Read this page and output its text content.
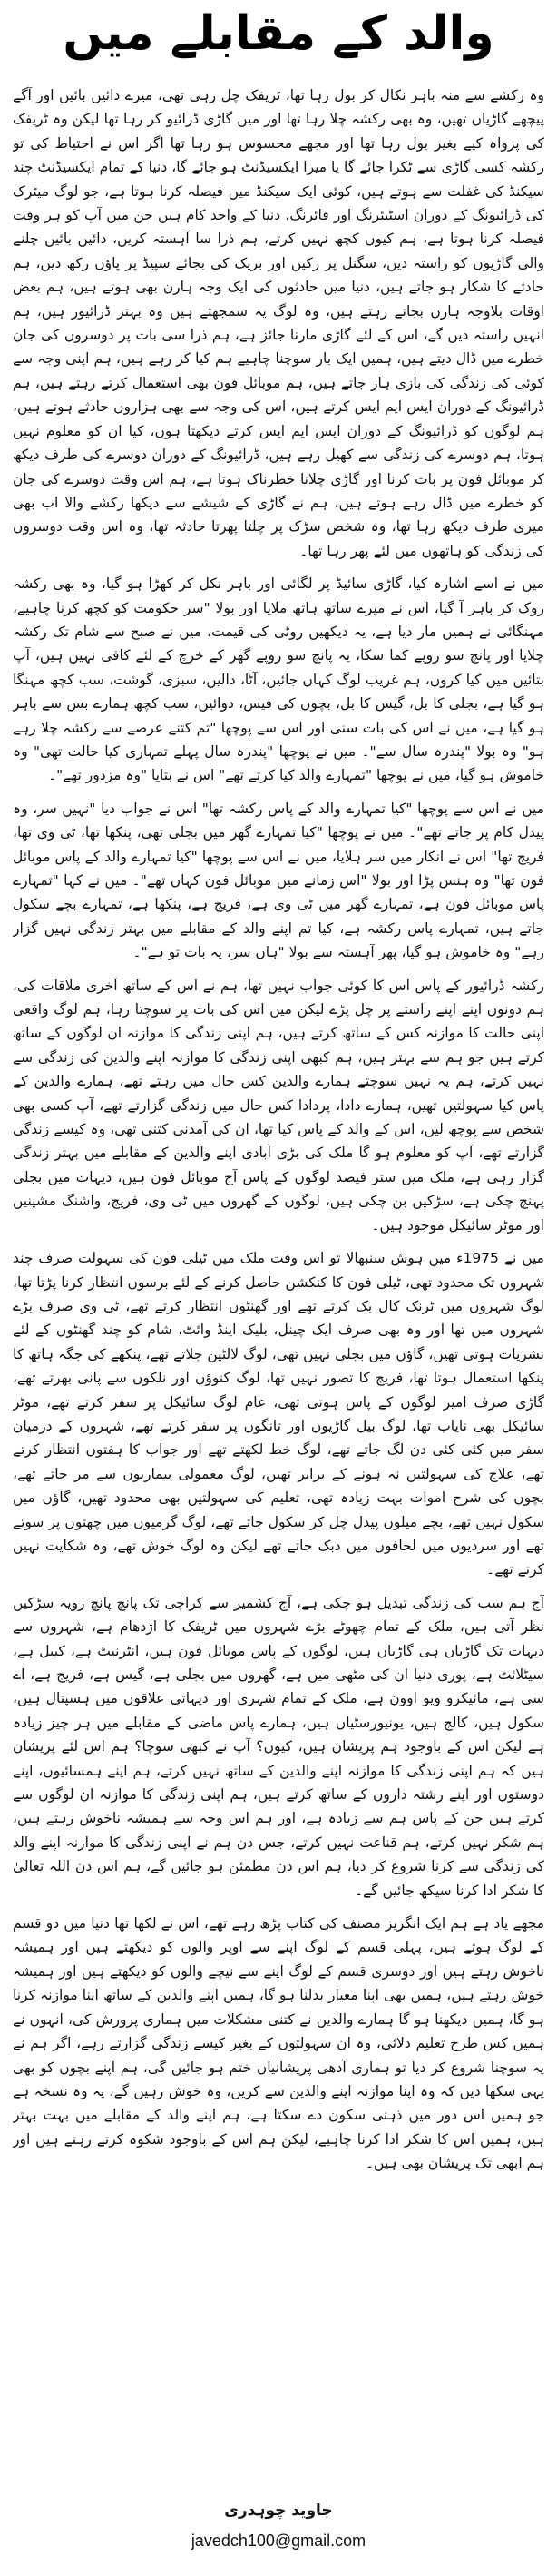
والد کے مقابلے میں

وہ رکشے سے منہ باہر نکال کر بول رہا تھا، ٹریفک چل رہی تھی، میرے دائیں بائیں اور آگے پیچھے گاڑیاں تھیں، وہ بھی رکشہ چلا رہا تھا اور میں گاڑی ڈرائیو کر رہا تھا لیکن وہ ٹریفک کی پرواہ کیے بغیر بول رہا تھا اور مجھے محسوس ہو رہا تھا اگر اس نے احتیاط کی تو رکشہ کسی گاڑی سے ٹکرا جائے گا یا میرا ایکسیڈنٹ ہو جائے گا، دنیا کے تمام ایکسیڈنٹ چند سیکنڈ کی غفلت سے ہوتے ہیں، کوئی ایک سیکنڈ میں فیصلہ کرنا ہوتا ہے، جو لوگ میٹرک کی ڈرائیونگ کے دوران اسٹیئرنگ اور فائرنگ، دنیا کے واحد کام ہیں جن میں آپ کو ہر وقت فیصلہ کرنا ہوتا ہے، ہم کیوں کچھ نہیں کرتے، ہم ذرا سا آہستہ کریں، دائیں بائیں چلنے والی گاڑیوں کو راستہ دیں، سگنل پر رکیں اور بریک کی بجائے سپیڈ پر پاؤں رکھ دیں، ہم حادثے کا شکار ہو جاتے ہیں، دنیا میں حادثوں کی ایک وجہ ہارن بھی ہوتے ہیں، ہم بعض اوقات بلاوجہ ہارن بجاتے رہتے ہیں، وہ لوگ یہ سمجھتے ہیں وہ بہتر ڈرائیور ہیں، ہم انہیں راستہ دیں گے، اس کے لئے گاڑی مارنا جائز ہے، ہم ذرا سی بات پر دوسروں کی جان خطرے میں ڈال دیتے ہیں، ہمیں ایک بار سوچنا چاہیے ہم کیا کر رہے ہیں، ہم اپنی وجہ سے کوئی کی زندگی کی بازی ہار جاتے ہیں، ہم موبائل فون بھی استعمال کرتے رہتے ہیں، ہم ڈرائیونگ کے دوران ایس ایم ایس کرتے ہیں، اس کی وجہ سے بھی ہزاروں حادثے ہوتے ہیں، ہم لوگوں کو ڈرائیونگ کے دوران ایس ایم ایس کرتے دیکھتا ہوں، کیا ان کو معلوم نہیں ہوتا، ہم دوسرے کی زندگی سے کھیل رہے ہیں، ڈرائیونگ کے دوران دوسرے کی طرف دیکھ کر موبائل فون پر بات کرنا اور گاڑی چلانا خطرناک ہوتا ہے، ہم اس وقت دوسرے کی جان کو خطرے میں ڈال رہے ہوتے ہیں، ہم نے گاڑی کے شیشے سے دیکھا رکشے والا اب بھی میری طرف دیکھ رہا تھا، وہ شخص سڑک پر چلتا پھرتا حادثہ تھا، وہ اس وقت دوسروں کی زندگی کو ہاتھوں میں لئے پھر رہا تھا۔

میں نے اسے اشارہ کیا، گاڑی سائیڈ پر لگائی اور باہر نکل کر کھڑا ہو گیا، وہ بھی رکشہ روک کر باہر آ گیا، اس نے میرے ساتھ ہاتھ ملایا اور بولا "سر حکومت کو کچھ کرنا چاہیے، مہنگائی نے ہمیں مار دیا ہے، یہ دیکھیں روٹی کی قیمت، میں نے صبح سے شام تک رکشہ چلایا اور پانچ سو روپے کما سکا، یہ پانچ سو روپے گھر کے خرچ کے لئے کافی نہیں ہیں، آپ بتائیں میں کیا کروں، ہم غریب لوگ کہاں جائیں، آٹا، دالیں، سبزی، گوشت، سب کچھ مہنگا ہو گیا ہے، بجلی کا بل، گیس کا بل، بچوں کی فیس، دوائیں، سب کچھ ہمارے بس سے باہر ہو گیا ہے، میں نے اس کی بات سنی اور اس سے پوچھا "تم کتنے عرصے سے رکشہ چلا رہے ہو" وہ بولا "پندرہ سال سے"۔ میں نے پوچھا "پندرہ سال پہلے تمہاری کیا حالت تھی" وہ خاموش ہو گیا، میں نے پوچھا "تمہارے والد کیا کرتے تھے" اس نے بتایا "وہ مزدور تھے"۔

میں نے اس سے پوچھا "کیا تمہارے والد کے پاس رکشہ تھا" اس نے جواب دیا "نہیں سر، وہ پیدل کام پر جاتے تھے"۔ میں نے پوچھا "کیا تمہارے گھر میں بجلی تھی، پنکھا تھا، ٹی وی تھا، فریج تھا" اس نے انکار میں سر ہلایا، میں نے اس سے پوچھا "کیا تمہارے والد کے پاس موبائل فون تھا" وہ ہنس پڑا اور بولا "اس زمانے میں موبائل فون کہاں تھے"۔ میں نے کہا "تمہارے پاس موبائل فون ہے، تمہارے گھر میں ٹی وی ہے، فریج ہے، پنکھا ہے، تمہارے بچے سکول جاتے ہیں، تمہارے پاس رکشہ ہے، کیا تم اپنے والد کے مقابلے میں بہتر زندگی نہیں گزار رہے" وہ خاموش ہو گیا، پھر آہستہ سے بولا "ہاں سر، یہ بات تو ہے"۔

رکشہ ڈرائیور کے پاس اس کا کوئی جواب نہیں تھا، ہم نے اس کے ساتھ آخری ملاقات کی، ہم دونوں اپنے اپنے راستے پر چل پڑے لیکن میں اس کی بات پر سوچتا رہا، ہم لوگ واقعی اپنی حالت کا موازنہ کس کے ساتھ کرتے ہیں، ہم اپنی زندگی کا موازنہ ان لوگوں کے ساتھ کرتے ہیں جو ہم سے بہتر ہیں، ہم کبھی اپنی زندگی کا موازنہ اپنے والدین کی زندگی سے نہیں کرتے، ہم یہ نہیں سوچتے ہمارے والدین کس حال میں رہتے تھے، ہمارے والدین کے پاس کیا سہولتیں تھیں، ہمارے دادا، پردادا کس حال میں زندگی گزارتے تھے، آپ کسی بھی شخص سے پوچھ لیں، اس کے والد کے پاس کیا تھا، ان کی آمدنی کتنی تھی، وہ کیسے زندگی گزارتے تھے، آپ کو معلوم ہو گا ملک کی بڑی آبادی اپنے والدین کے مقابلے میں بہتر زندگی گزار رہی ہے، ملک میں ستر فیصد لوگوں کے پاس آج موبائل فون ہیں، دیہات میں بجلی پہنچ چکی ہے، سڑکیں بن چکی ہیں، لوگوں کے گھروں میں ٹی وی، فریج، واشنگ مشینیں اور موٹر سائیکل موجود ہیں۔

میں نے 1975ء میں ہوش سنبھالا تو اس وقت ملک میں ٹیلی فون کی سہولت صرف چند شہروں تک محدود تھی، ٹیلی فون کا کنکشن حاصل کرنے کے لئے برسوں انتظار کرنا پڑتا تھا، لوگ شہروں میں ٹرنک کال بک کرتے تھے اور گھنٹوں انتظار کرتے تھے، ٹی وی صرف بڑے شہروں میں تھا اور وہ بھی صرف ایک چینل، بلیک اینڈ وائٹ، شام کو چند گھنٹوں کے لئے نشریات ہوتی تھیں، گاؤں میں بجلی نہیں تھی، لوگ لالٹین جلاتے تھے، پنکھے کی جگہ ہاتھ کا پنکھا استعمال ہوتا تھا، فریج کا تصور نہیں تھا، لوگ کنوؤں اور نلکوں سے پانی بھرتے تھے، گاڑی صرف امیر لوگوں کے پاس ہوتی تھی، عام لوگ سائیکل پر سفر کرتے تھے، موٹر سائیکل بھی نایاب تھا، لوگ بیل گاڑیوں اور تانگوں پر سفر کرتے تھے، شہروں کے درمیان سفر میں کئی کئی دن لگ جاتے تھے، لوگ خط لکھتے تھے اور جواب کا ہفتوں انتظار کرتے تھے، علاج کی سہولتیں نہ ہونے کے برابر تھیں، لوگ معمولی بیماریوں سے مر جاتے تھے، بچوں کی شرح اموات بہت زیادہ تھی، تعلیم کی سہولتیں بھی محدود تھیں، گاؤں میں سکول نہیں تھے، بچے میلوں پیدل چل کر سکول جاتے تھے، لوگ گرمیوں میں چھتوں پر سوتے تھے اور سردیوں میں لحافوں میں دبک جاتے تھے لیکن وہ لوگ خوش تھے، وہ شکایت نہیں کرتے تھے۔

آج ہم سب کی زندگی تبدیل ہو چکی ہے، آج کشمیر سے کراچی تک پانچ پانچ رویہ سڑکیں نظر آتی ہیں، ملک کے تمام چھوٹے بڑے شہروں میں ٹریفک کا اژدھام ہے، شہروں سے دیہات تک گاڑیاں ہی گاڑیاں ہیں، لوگوں کے پاس موبائل فون ہیں، انٹرنیٹ ہے، کیبل ہے، سیٹلائٹ ہے، پوری دنیا ان کی مٹھی میں ہے، گھروں میں بجلی ہے، گیس ہے، فریج ہے، اے سی ہے، مائیکرو ویو اوون ہے، ملک کے تمام شہری اور دیہاتی علاقوں میں ہسپتال ہیں، سکول ہیں، کالج ہیں، یونیورسٹیاں ہیں، ہمارے پاس ماضی کے مقابلے میں ہر چیز زیادہ ہے لیکن اس کے باوجود ہم پریشان ہیں، کیوں؟ آپ نے کبھی سوچا؟ ہم اس لئے پریشان ہیں کہ ہم اپنی زندگی کا موازنہ اپنے والدین کے ساتھ نہیں کرتے، ہم اپنے ہمسائیوں، اپنے دوستوں اور اپنے رشتہ داروں کے ساتھ کرتے ہیں، ہم اپنی زندگی کا موازنہ ان لوگوں سے کرتے ہیں جن کے پاس ہم سے زیادہ ہے، اور ہم اس وجہ سے ہمیشہ ناخوش رہتے ہیں، ہم شکر نہیں کرتے، ہم قناعت نہیں کرتے، جس دن ہم نے اپنی زندگی کا موازنہ اپنے والد کی زندگی سے کرنا شروع کر دیا، ہم اس دن مطمئن ہو جائیں گے، ہم اس دن اللہ تعالیٰ کا شکر ادا کرنا سیکھ جائیں گے۔

مجھے یاد ہے ہم ایک انگریز مصنف کی کتاب پڑھ رہے تھے، اس نے لکھا تھا دنیا میں دو قسم کے لوگ ہوتے ہیں، پہلی قسم کے لوگ اپنے سے اوپر والوں کو دیکھتے ہیں اور ہمیشہ ناخوش رہتے ہیں اور دوسری قسم کے لوگ اپنے سے نیچے والوں کو دیکھتے ہیں اور ہمیشہ خوش رہتے ہیں، ہمیں بھی اپنا معیار بدلنا ہو گا، ہمیں اپنے والدین کے ساتھ اپنا موازنہ کرنا ہو گا، ہمیں دیکھنا ہو گا ہمارے والدین نے کتنی مشکلات میں ہماری پرورش کی، انہوں نے ہمیں کس طرح تعلیم دلائی، وہ ان سہولتوں کے بغیر کیسے زندگی گزارتے رہے، اگر ہم نے یہ سوچنا شروع کر دیا تو ہماری آدھی پریشانیاں ختم ہو جائیں گی، ہم اپنے بچوں کو بھی یہی سکھا دیں کہ وہ اپنا موازنہ اپنے والدین سے کریں، وہ خوش رہیں گے، یہ وہ نسخہ ہے جو ہمیں اس دور میں ذہنی سکون دے سکتا ہے، ہم اپنے والد کے مقابلے میں بہت بہتر ہیں، ہمیں اس کا شکر ادا کرنا چاہیے، لیکن ہم اس کے باوجود شکوہ کرتے رہتے ہیں اور ہم ابھی تک پریشان بھی ہیں۔

جاوید چوہدری
javedch100@gmail.com
